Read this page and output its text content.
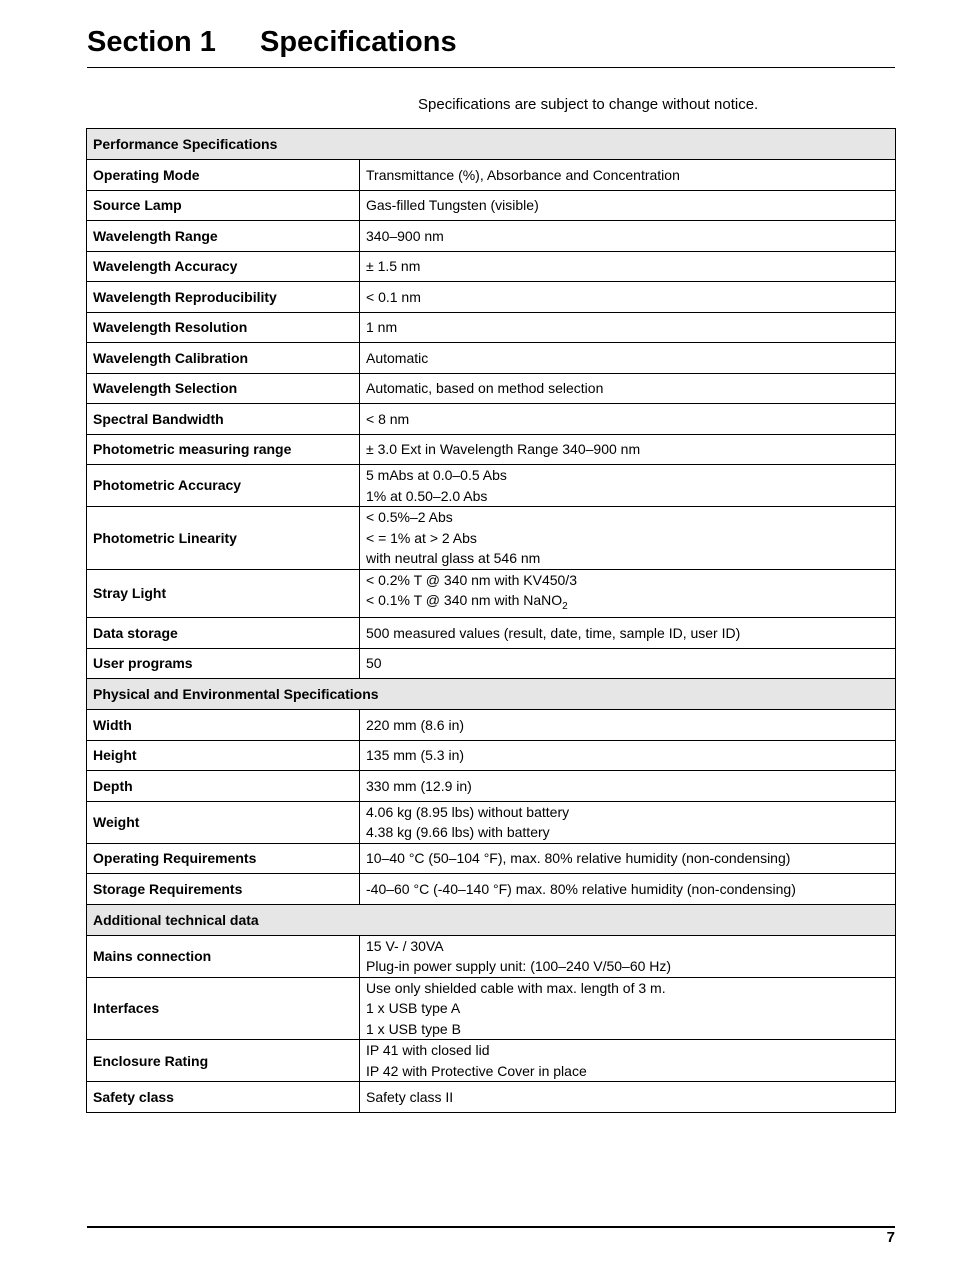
Section 1 Specifications
Specifications are subject to change without notice.
Performance Specifications	
Operating Mode	Transmittance (%), Absorbance and Concentration

Source Lamp	Gas-filled Tungsten (visible)

Wavelength Range	340–900 nm

Wavelength Accuracy	± 1.5 nm

Wavelength Reproducibility	< 0.1 nm

Wavelength Resolution	1 nm

Wavelength Calibration	Automatic

Wavelength Selection	Automatic, based on method selection

Spectral Bandwidth	< 8 nm

Photometric measuring range	± 3.0 Ext in Wavelength Range 340–900 nm

Photometric Accuracy	5 mAbs at 0.0–0.5 Abs
1% at 0.50–2.0 Abs

Photometric Linearity	< 0.5%–2 Abs
< = 1% at > 2 Abs
with neutral glass at 546 nm

Stray Light	< 0.2% T @ 340 nm with KV450/3
< 0.1% T @ 340 nm with NaNO$_2$

Data storage	500 measured values (result, date, time, sample ID, user ID)

User programs	50

Physical and Environmental Specifications	
Width	220 mm (8.6 in)

Height	135 mm (5.3 in)

Depth	330 mm (12.9 in)

Weight	4.06 kg (8.95 lbs) without battery
4.38 kg (9.66 lbs) with battery

Operating Requirements	10–40 °C (50–104 °F), max. 80% relative humidity (non-condensing)

Storage Requirements	-40–60 °C (-40–140 °F) max. 80% relative humidity (non-condensing)

Additional technical data	
Mains connection	15 V- / 30VA
Plug-in power supply unit: (100–240 V/50–60 Hz)

Interfaces	Use only shielded cable with max. length of 3 m.
1 x USB type A
1 x USB type B

Enclosure Rating	IP 41 with closed lid
IP 42 with Protective Cover in place

Safety class	Safety class II
7
